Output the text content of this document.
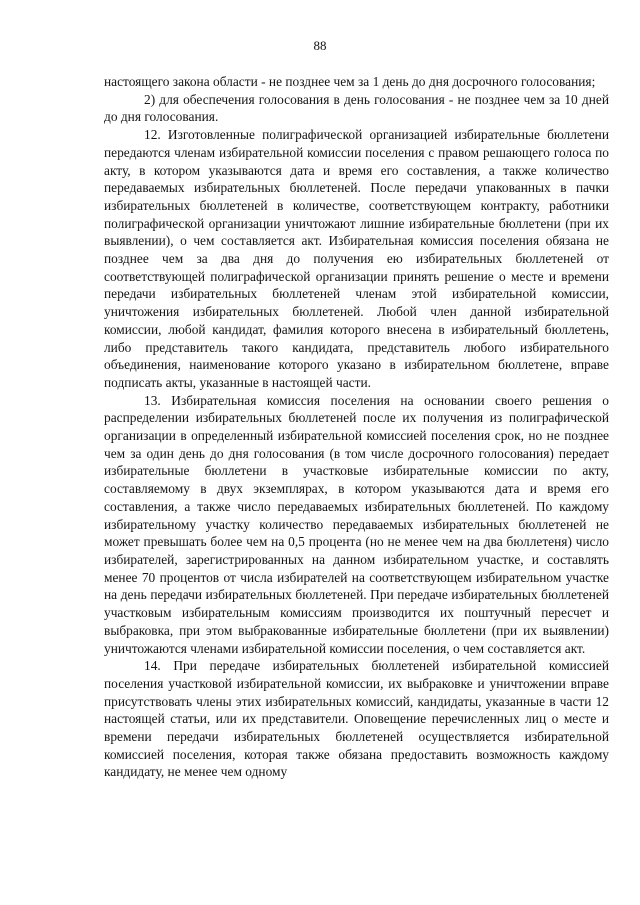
88

настоящего закона области - не позднее чем за 1 день до дня досрочного голосования;

2) для обеспечения голосования в день голосования - не позднее чем за 10 дней до дня голосования.

12. Изготовленные полиграфической организацией избирательные бюллетени передаются членам избирательной комиссии поселения с правом решающего голоса по акту, в котором указываются дата и время его составления, а также количество передаваемых избирательных бюллетеней. После передачи упакованных в пачки избирательных бюллетеней в количестве, соответствующем контракту, работники полиграфической организации уничтожают лишние избирательные бюллетени (при их выявлении), о чем составляется акт. Избирательная комиссия поселения обязана не позднее чем за два дня до получения ею избирательных бюллетеней от соответствующей полиграфической организации принять решение о месте и времени передачи избирательных бюллетеней членам этой избирательной комиссии, уничтожения избирательных бюллетеней. Любой член данной избирательной комиссии, любой кандидат, фамилия которого внесена в избирательный бюллетень, либо представитель такого кандидата, представитель любого избирательного объединения, наименование которого указано в избирательном бюллетене, вправе подписать акты, указанные в настоящей части.

13. Избирательная комиссия поселения на основании своего решения о распределении избирательных бюллетеней после их получения из полиграфической организации в определенный избирательной комиссией поселения срок, но не позднее чем за один день до дня голосования (в том числе досрочного голосования) передает избирательные бюллетени в участковые избирательные комиссии по акту, составляемому в двух экземплярах, в котором указываются дата и время его составления, а также число передаваемых избирательных бюллетеней. По каждому избирательному участку количество передаваемых избирательных бюллетеней не может превышать более чем на 0,5 процента (но не менее чем на два бюллетеня) число избирателей, зарегистрированных на данном избирательном участке, и составлять менее 70 процентов от числа избирателей на соответствующем избирательном участке на день передачи избирательных бюллетеней. При передаче избирательных бюллетеней участковым избирательным комиссиям производится их поштучный пересчет и выбраковка, при этом выбракованные избирательные бюллетени (при их выявлении) уничтожаются членами избирательной комиссии поселения, о чем составляется акт.

14. При передаче избирательных бюллетеней избирательной комиссией поселения участковой избирательной комиссии, их выбраковке и уничтожении вправе присутствовать члены этих избирательных комиссий, кандидаты, указанные в части 12 настоящей статьи, или их представители. Оповещение перечисленных лиц о месте и времени передачи избирательных бюллетеней осуществляется избирательной комиссией поселения, которая также обязана предоставить возможность каждому кандидату, не менее чем одному
